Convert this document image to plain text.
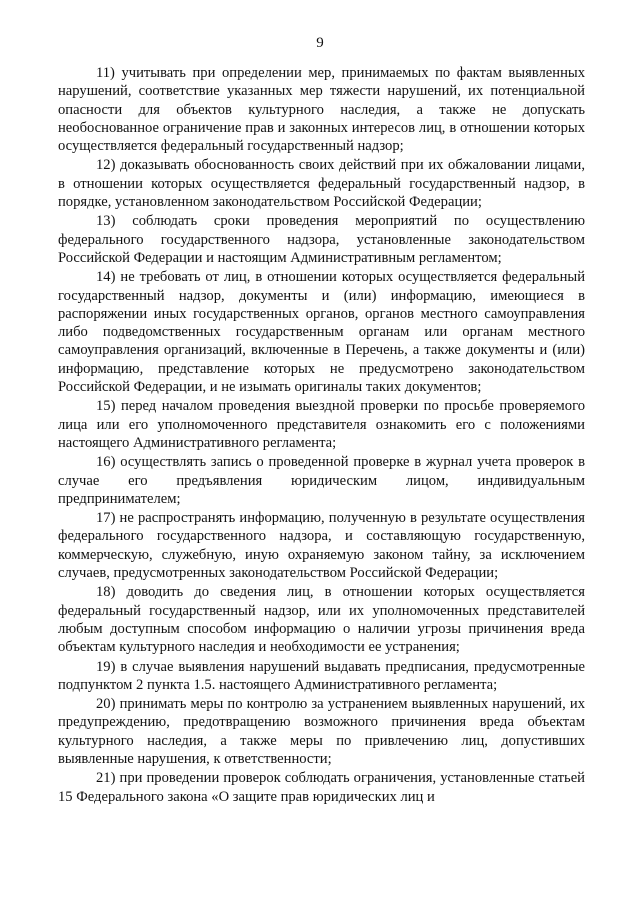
9

11) учитывать при определении мер, принимаемых по фактам выявленных нарушений, соответствие указанных мер тяжести нарушений, их потенциальной опасности для объектов культурного наследия, а также не допускать необоснованное ограничение прав и законных интересов лиц, в отношении которых осуществляется федеральный государственный надзор;

12) доказывать обоснованность своих действий при их обжаловании лицами, в отношении которых осуществляется федеральный государственный надзор, в порядке, установленном законодательством Российской Федерации;

13) соблюдать сроки проведения мероприятий по осуществлению федерального государственного надзора, установленные законодательством Российской Федерации и настоящим Административным регламентом;

14) не требовать от лиц, в отношении которых осуществляется федеральный государственный надзор, документы и (или) информацию, имеющиеся в распоряжении иных государственных органов, органов местного самоуправления либо подведомственных государственным органам или органам местного самоуправления организаций, включенные в Перечень, а также документы и (или) информацию, представление которых не предусмотрено законодательством Российской Федерации, и не изымать оригиналы таких документов;

15) перед началом проведения выездной проверки по просьбе проверяемого лица или его уполномоченного представителя ознакомить его с положениями настоящего Административного регламента;

16) осуществлять запись о проведенной проверке в журнал учета проверок в случае его предъявления юридическим лицом, индивидуальным предпринимателем;

17) не распространять информацию, полученную в результате осуществления федерального государственного надзора, и составляющую государственную, коммерческую, служебную, иную охраняемую законом тайну, за исключением случаев, предусмотренных законодательством Российской Федерации;

18) доводить до сведения лиц, в отношении которых осуществляется федеральный государственный надзор, или их уполномоченных представителей любым доступным способом информацию о наличии угрозы причинения вреда объектам культурного наследия и необходимости ее устранения;

19) в случае выявления нарушений выдавать предписания, предусмотренные подпунктом 2 пункта 1.5. настоящего Административного регламента;

20) принимать меры по контролю за устранением выявленных нарушений, их предупреждению, предотвращению возможного причинения вреда объектам культурного наследия, а также меры по привлечению лиц, допустивших выявленные нарушения, к ответственности;

21) при проведении проверок соблюдать ограничения, установленные статьей 15 Федерального закона «О защите прав юридических лиц и
